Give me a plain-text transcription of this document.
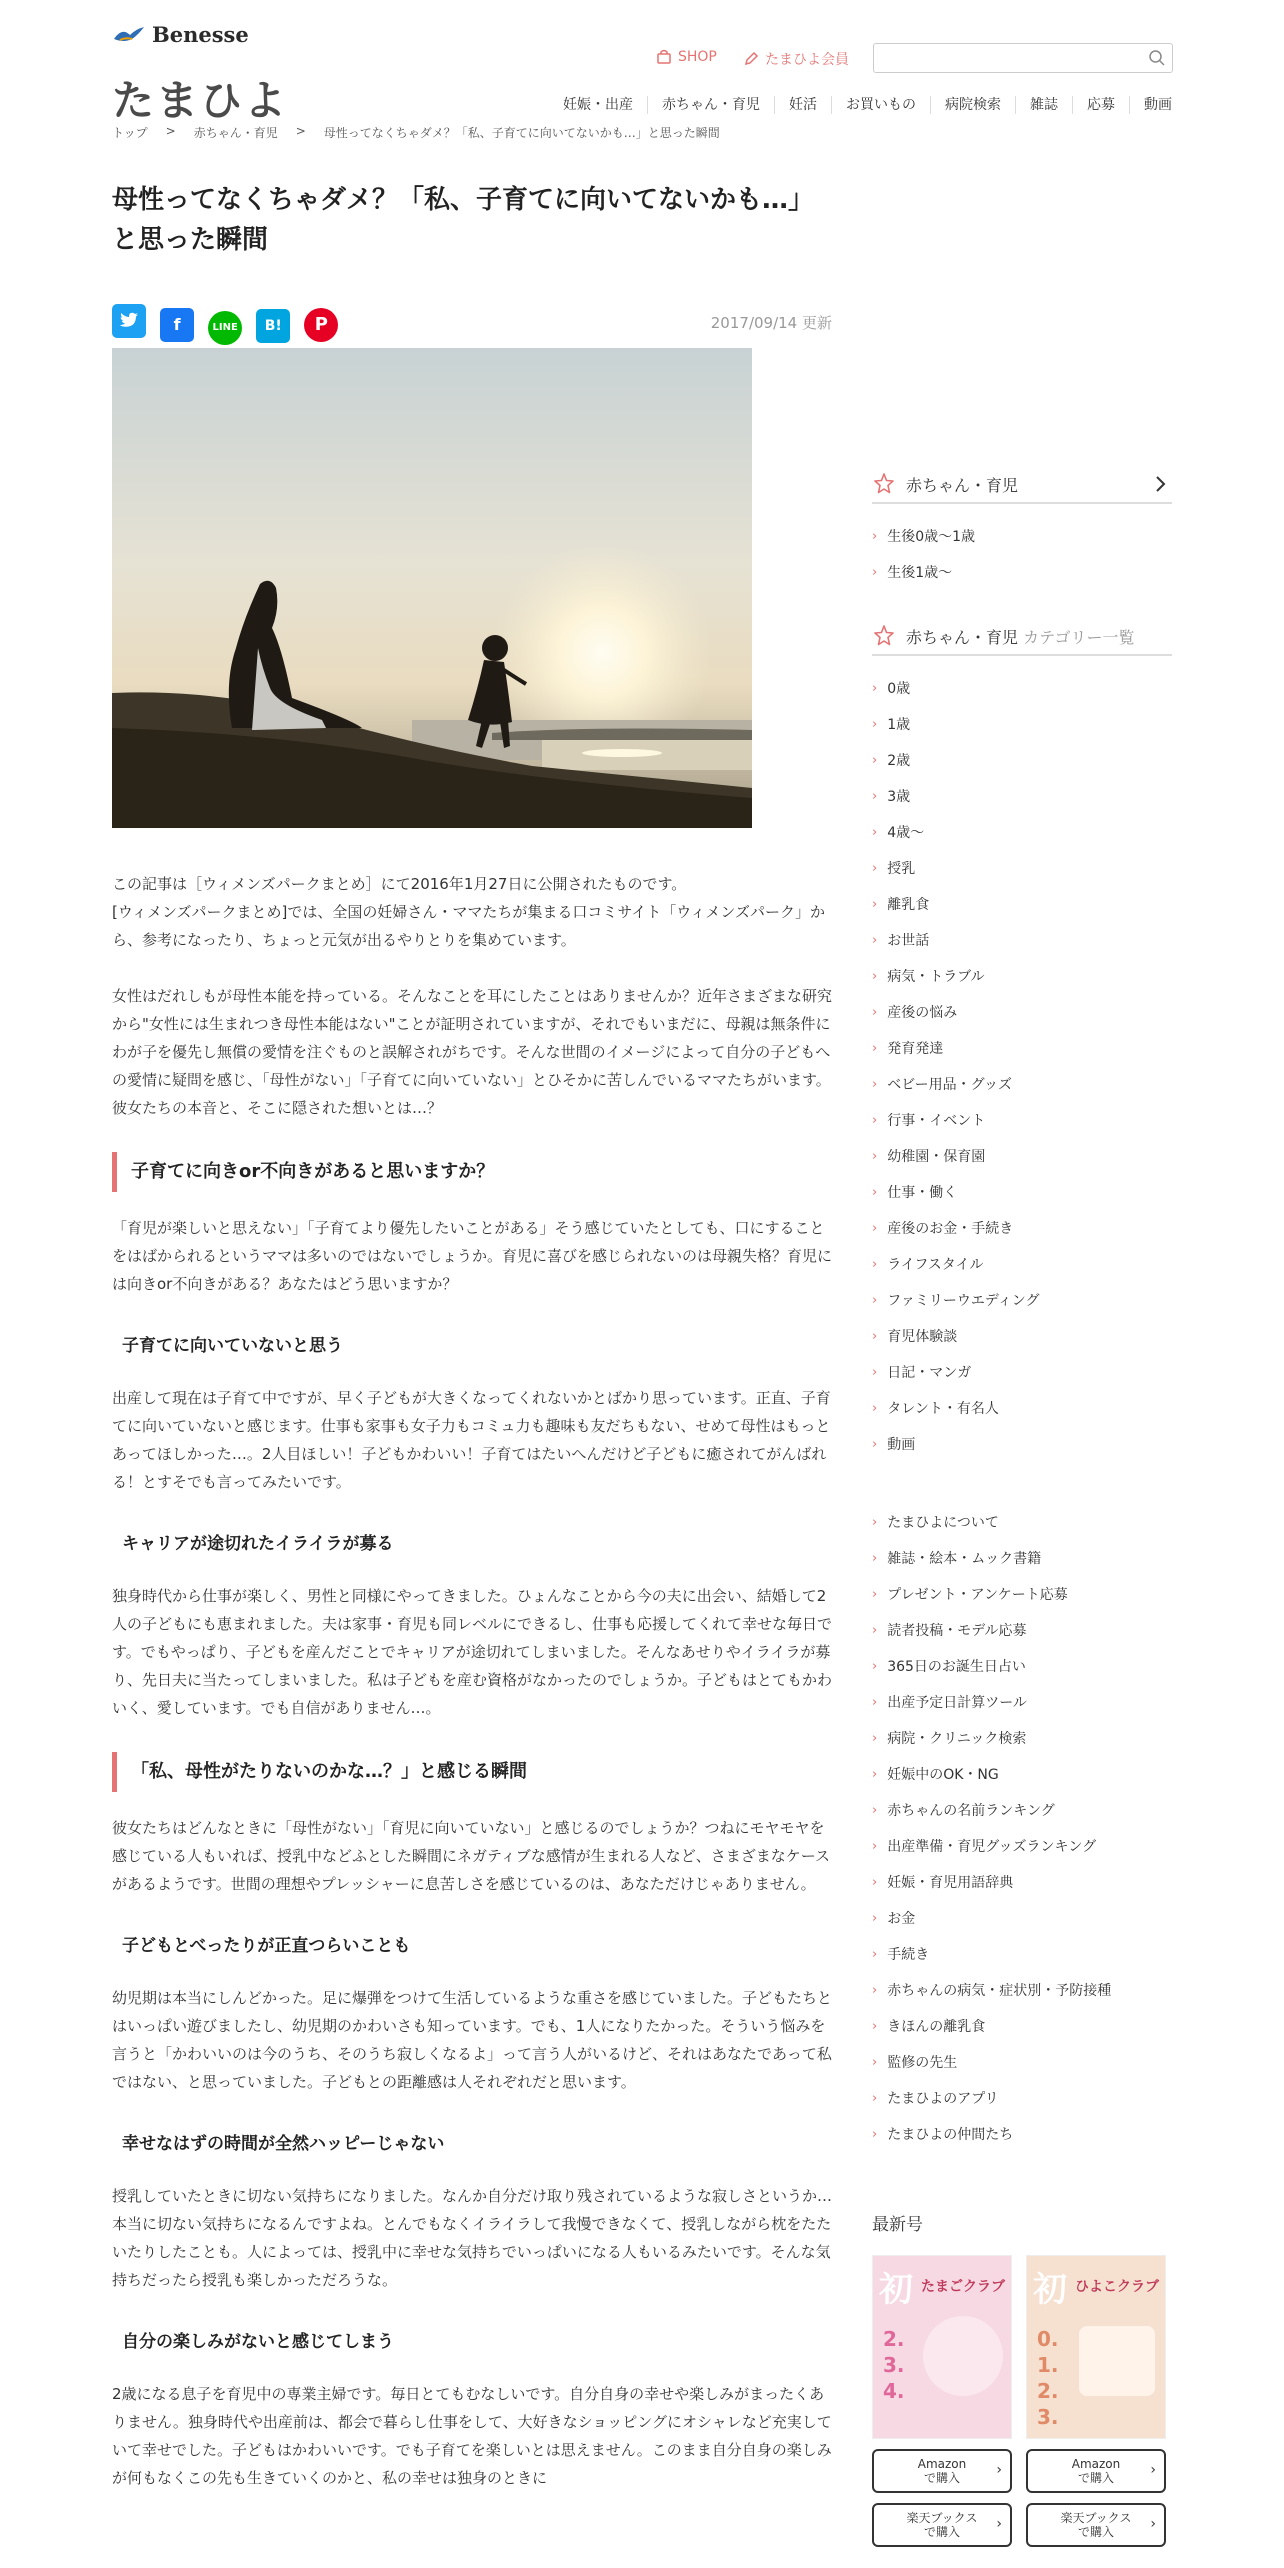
Benesse
たまひよ
SHOP	たまひよ会員
妊娠・出産	赤ちゃん・育児	妊活	お買いもの	病院検索	雑誌	応募	動画
トップ > 赤ちゃん・育児 > 母性ってなくちゃダメ？「私、子育てに向いてないかも…」と思った瞬間
母性ってなくちゃダメ？「私、子育てに向いてないかも…」と思った瞬間
f	LINE B! P	2017/09/14 更新

この記事は［ウィメンズパークまとめ］にて2016年1月27日に公開されたものです。

[ウィメンズパークまとめ]では、全国の妊婦さん・ママたちが集まる口コミサイト「ウィメンズパーク」から、参考になったり、ちょっと元気が出るやりとりを集めています。

女性はだれしもが母性本能を持っている。そんなことを耳にしたことはありませんか？近年さまざまな研究から"女性には生まれつき母性本能はない"ことが証明されていますが、それでもいまだに、母親は無条件にわが子を優先し無償の愛情を注ぐものと誤解されがちです。そんな世間のイメージによって自分の子どもへの愛情に疑問を感じ、「母性がない」「子育てに向いていない」とひそかに苦しんでいるママたちがいます。彼女たちの本音と、そこに隠された想いとは…？

子育てに向きor不向きがあると思いますか？

「育児が楽しいと思えない」「子育てより優先したいことがある」そう感じていたとしても、口にすることをはばかられるというママは多いのではないでしょうか。育児に喜びを感じられないのは母親失格？育児には向きor不向きがある？あなたはどう思いますか？

子育てに向いていないと思う

出産して現在は子育て中ですが、早く子どもが大きくなってくれないかとばかり思っています。正直、子育てに向いていないと感じます。仕事も家事も女子力もコミュ力も趣味も友だちもない、せめて母性はもっとあってほしかった…。2人目ほしい！子どもかわいい！子育てはたいへんだけど子どもに癒されてがんばれる！とすそでも言ってみたいです。

キャリアが途切れたイライラが募る

独身時代から仕事が楽しく、男性と同様にやってきました。ひょんなことから今の夫に出会い、結婚して2人の子どもにも恵まれました。夫は家事・育児も同レベルにできるし、仕事も応援してくれて幸せな毎日です。でもやっぱり、子どもを産んだことでキャリアが途切れてしまいました。そんなあせりやイライラが募り、先日夫に当たってしまいました。私は子どもを産む資格がなかったのでしょうか。子どもはとてもかわいく、愛しています。でも自信がありません…。

「私、母性がたりないのかな…？」と感じる瞬間

彼女たちはどんなときに「母性がない」「育児に向いていない」と感じるのでしょうか？つねにモヤモヤを感じている人もいれば、授乳中などふとした瞬間にネガティブな感情が生まれる人など、さまざまなケースがあるようです。世間の理想やプレッシャーに息苦しさを感じているのは、あなただけじゃありません。

子どもとべったりが正直つらいことも

幼児期は本当にしんどかった。足に爆弾をつけて生活しているような重さを感じていました。子どもたちとはいっぱい遊びましたし、幼児期のかわいさも知っています。でも、1人になりたかった。そういう悩みを言うと「かわいいのは今のうち、そのうち寂しくなるよ」って言う人がいるけど、それはあなたであって私ではない、と思っていました。子どもとの距離感は人それぞれだと思います。

幸せなはずの時間が全然ハッピーじゃない

授乳していたときに切ない気持ちになりました。なんか自分だけ取り残されているような寂しさというか…本当に切ない気持ちになるんですよね。とんでもなくイライラして我慢できなくて、授乳しながら枕をたたいたりしたことも。人によっては、授乳中に幸せな気持ちでいっぱいになる人もいるみたいです。そんな気持ちだったら授乳も楽しかっただろうな。

自分の楽しみがないと感じてしまう

2歳になる息子を育児中の専業主婦です。毎日とてもむなしいです。自分自身の幸せや楽しみがまったくありません。独身時代や出産前は、都会で暮らし仕事をして、大好きなショッピングにオシャレなど充実していて幸せでした。子どもはかわいいです。でも子育てを楽しいとは思えません。このまま自分自身の楽しみが何もなくこの先も生きていくのかと、私の幸せは独身のときに

赤ちゃん・育児
› 生後0歳～1歳
› 生後1歳～
赤ちゃん・育児 カテゴリー一覧
› 0歳
› 1歳
› 2歳
› 3歳
› 4歳～
› 授乳
› 離乳食
› お世話
› 病気・トラブル
› 産後の悩み
› 発育発達
› ベビー用品・グッズ
› 行事・イベント
› 幼稚園・保育園
› 仕事・働く
› 産後のお金・手続き
› ライフスタイル
› ファミリーウエディング
› 育児体験談
› 日記・マンガ
› タレント・有名人
› 動画
› たまひよについて
› 雑誌・絵本・ムック書籍
› プレゼント・アンケート応募
› 読者投稿・モデル応募
› 365日のお誕生日占い
› 出産予定日計算ツール
› 病院・クリニック検索
› 妊娠中のOK・NG
› 赤ちゃんの名前ランキング
› 出産準備・育児グッズランキング
› 妊娠・育児用語辞典
› お金
› 手続き
› 赤ちゃんの病気・症状別・予防接種
› きほんの離乳食
› 監修の先生
› たまひよのアプリ
› たまひよの仲間たち
最新号
初 たまごクラブ
2.
3.
4.
Amazon
で購入	›
楽天ブックス
で購入	›
初 ひよこクラブ
0.
1.
2.
3.
Amazon
で購入	›
楽天ブックス
で購入	›
